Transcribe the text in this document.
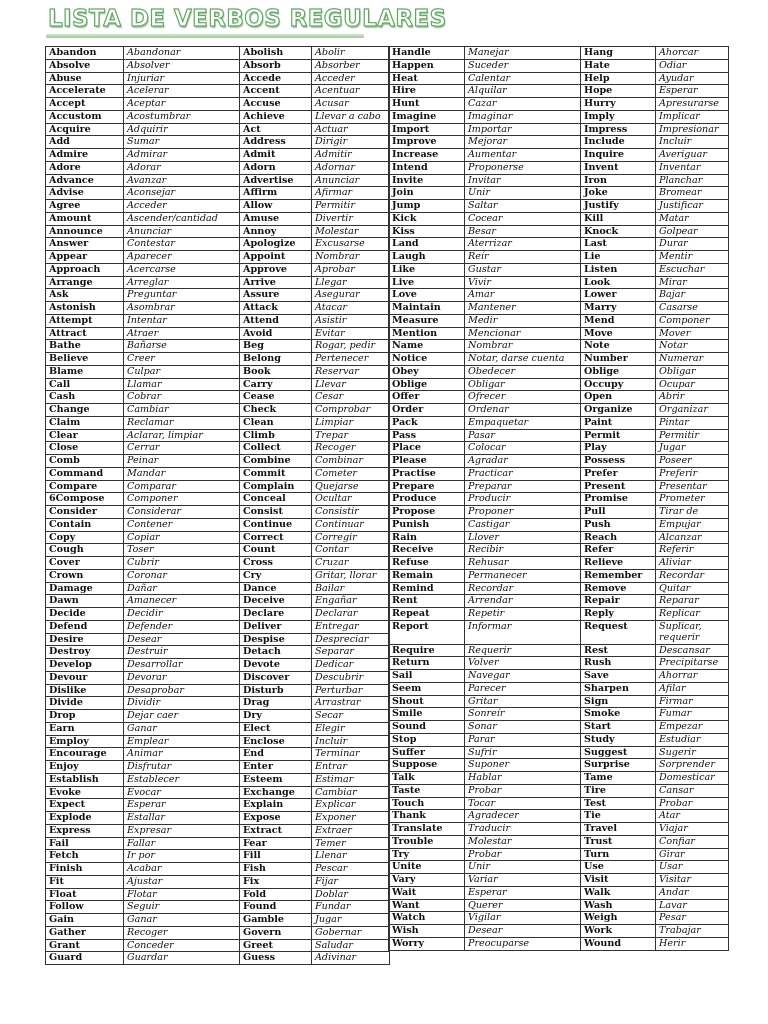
LISTA DE VERBOS REGULARES
Abandon	Abandonar	Abolish	Abolir
Absolve	Absolver	Absorb	Absorber
Abuse	Injuriar	Accede	Acceder
Accelerate	Acelerar	Accent	Acentuar
Accept	Aceptar	Accuse	Acusar
Accustom	Acostumbrar	Achieve	Llevar a cabo
Acquire	Adquirir	Act	Actuar
Add	Sumar	Address	Dirigir
Admire	Admirar	Admit	Admitir
Adore	Adorar	Adorn	Adornar
Advance	Avanzar	Advertise	Anunciar
Advise	Aconsejar	Affirm	Afirmar
Agree	Acceder	Allow	Permitir
Amount	Ascender/cantidad	Amuse	Divertir
Announce	Anunciar	Annoy	Molestar
Answer	Contestar	Apologize	Excusarse
Appear	Aparecer	Appoint	Nombrar
Approach	Acercarse	Approve	Aprobar
Arrange	Arreglar	Arrive	Llegar
Ask	Preguntar	Assure	Asegurar
Astonish	Asombrar	Attack	Atacar
Attempt	Intentar	Attend	Asistir
Attract	Atraer	Avoid	Evitar
Bathe	Bañarse	Beg	Rogar, pedir
Believe	Creer	Belong	Pertenecer
Blame	Culpar	Book	Reservar
Call	Llamar	Carry	Llevar
Cash	Cobrar	Cease	Cesar
Change	Cambiar	Check	Comprobar
Claim	Reclamar	Clean	Limpiar
Clear	Aclarar, limpiar	Climb	Trepar
Close	Cerrar	Collect	Recoger
Comb	Peinar	Combine	Combinar
Command	Mandar	Commit	Cometer
Compare	Comparar	Complain	Quejarse
6Compose	Componer	Conceal	Ocultar
Consider	Considerar	Consist	Consistir
Contain	Contener	Continue	Continuar
Copy	Copiar	Correct	Corregir
Cough	Toser	Count	Contar
Cover	Cubrir	Cross	Cruzar
Crown	Coronar	Cry	Gritar, llorar
Damage	Dañar	Dance	Bailar
Dawn	Amanecer	Deceive	Engañar
Decide	Decidir	Declare	Declarar
Defend	Defender	Deliver	Entregar
Desire	Desear	Despise	Despreciar
Destroy	Destruir	Detach	Separar
Develop	Desarrollar	Devote	Dedicar
Devour	Devorar	Discover	Descubrir
Dislike	Desaprobar	Disturb	Perturbar
Divide	Dividir	Drag	Arrastrar
Drop	Dejar caer	Dry	Secar
Earn	Ganar	Elect	Elegir
Employ	Emplear	Enclose	Incluir
Encourage	Animar	End	Terminar
Enjoy	Disfrutar	Enter	Entrar
Establish	Establecer	Esteem	Estimar
Evoke	Evocar	Exchange	Cambiar
Expect	Esperar	Explain	Explicar
Explode	Estallar	Expose	Exponer
Express	Expresar	Extract	Extraer
Fail	Fallar	Fear	Temer
Fetch	Ir por	Fill	Llenar
Finish	Acabar	Fish	Pescar
Fit	Ajustar	Fix	Fijar
Float	Flotar	Fold	Doblar
Follow	Seguir	Found	Fundar
Gain	Ganar	Gamble	Jugar
Gather	Recoger	Govern	Gobernar
Grant	Conceder	Greet	Saludar
Guard	Guardar	Guess	Adivinar
Handle	Manejar	Hang	Ahorcar
Happen	Suceder	Hate	Odiar
Heat	Calentar	Help	Ayudar
Hire	Alquilar	Hope	Esperar
Hunt	Cazar	Hurry	Apresurarse
Imagine	Imaginar	Imply	Implicar
Import	Importar	Impress	Impresionar
Improve	Mejorar	Include	Incluir
Increase	Aumentar	Inquire	Averiguar
Intend	Proponerse	Invent	Inventar
Invite	Invitar	Iron	Planchar
Join	Unir	Joke	Bromear
Jump	Saltar	Justify	Justificar
Kick	Cocear	Kill	Matar
Kiss	Besar	Knock	Golpear
Land	Aterrizar	Last	Durar
Laugh	Reír	Lie	Mentir
Like	Gustar	Listen	Escuchar
Live	Vivir	Look	Mirar
Love	Amar	Lower	Bajar
Maintain	Mantener	Marry	Casarse
Measure	Medir	Mend	Componer
Mention	Mencionar	Move	Mover
Name	Nombrar	Note	Notar
Notice	Notar, darse cuenta	Number	Numerar
Obey	Obedecer	Oblige	Obligar
Oblige	Obligar	Occupy	Ocupar
Offer	Ofrecer	Open	Abrir
Order	Ordenar	Organize	Organizar
Pack	Empaquetar	Paint	Pintar
Pass	Pasar	Permit	Permitir
Place	Colocar	Play	Jugar
Please	Agradar	Possess	Poseer
Practise	Practicar	Prefer	Preferir
Prepare	Preparar	Present	Presentar
Produce	Producir	Promise	Prometer
Propose	Proponer	Pull	Tirar de
Punish	Castigar	Push	Empujar
Rain	Llover	Reach	Alcanzar
Receive	Recibir	Refer	Referir
Refuse	Rehusar	Relieve	Aliviar
Remain	Permanecer	Remember	Recordar
Remind	Recordar	Remove	Quitar
Rent	Arrendar	Repair	Reparar
Repeat	Repetir	Reply	Replicar
Report	Informar	Request	Suplicar, requerir
Require	Requerir	Rest	Descansar
Return	Volver	Rush	Precipitarse
Sail	Navegar	Save	Ahorrar
Seem	Parecer	Sharpen	Afilar
Shout	Gritar	Sign	Firmar
Smile	Sonreír	Smoke	Fumar
Sound	Sonar	Start	Empezar
Stop	Parar	Study	Estudiar
Suffer	Sufrir	Suggest	Sugerir
Suppose	Suponer	Surprise	Sorprender
Talk	Hablar	Tame	Domesticar
Taste	Probar	Tire	Cansar
Touch	Tocar	Test	Probar
Thank	Agradecer	Tie	Atar
Translate	Traducir	Travel	Viajar
Trouble	Molestar	Trust	Confiar
Try	Probar	Turn	Girar
Unite	Unir	Use	Usar
Vary	Variar	Visit	Visitar
Wait	Esperar	Walk	Andar
Want	Querer	Wash	Lavar
Watch	Vigilar	Weigh	Pesar
Wish	Desear	Work	Trabajar
Worry	Preocuparse	Wound	Herir
